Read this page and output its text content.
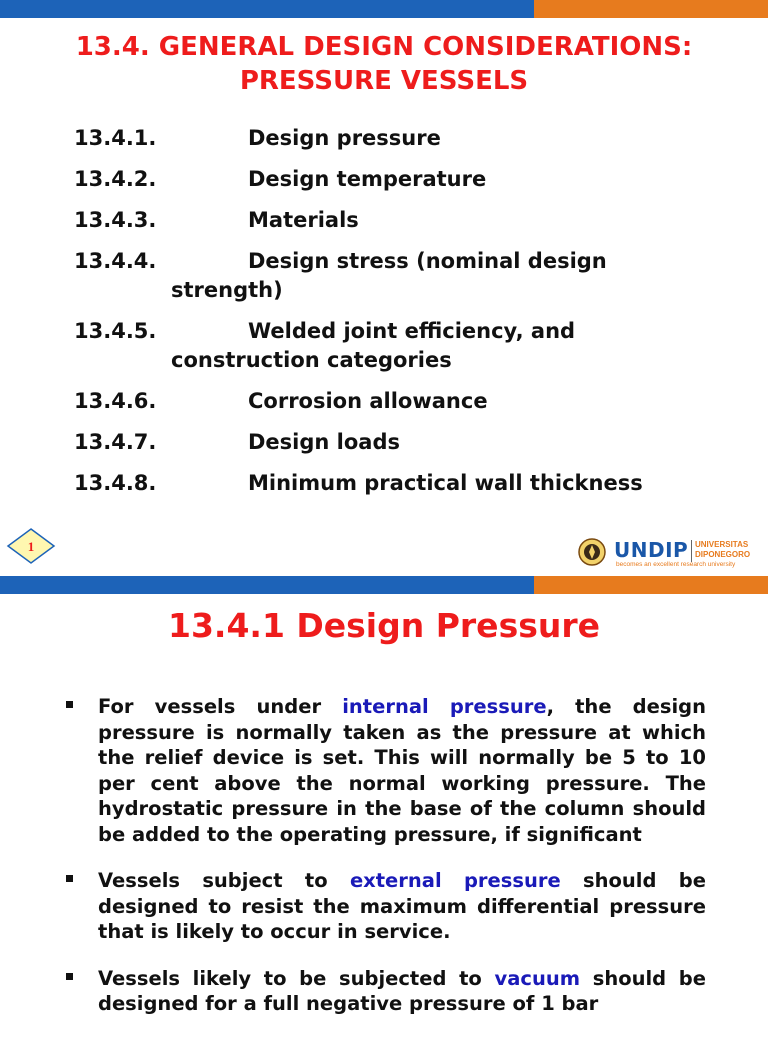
13.4. GENERAL DESIGN CONSIDERATIONS:
PRESSURE VESSELS
13.4.1.	Design pressure
13.4.2.	Design temperature
13.4.3.	Materials
13.4.4.	Design stress (nominal design
strength)
13.4.5.	Welded joint efficiency, and
construction categories
13.4.6.	Corrosion allowance
13.4.7.	Design loads
13.4.8.	Minimum practical wall thickness
1	UNDIP UNIVERSITAS
DIPONEGORO
becomes an excellent research university
13.4.1 Design Pressure
For vessels under internal pressure, the design pressure is normally taken as the pressure at which the relief device is set. This will normally be 5 to 10 per cent above the normal working pressure. The hydrostatic pressure in the base of the column should be added to the operating pressure, if significant
Vessels subject to external pressure should be designed to resist the maximum differential pressure that is likely to occur in service.
Vessels likely to be subjected to vacuum should be designed for a full negative pressure of 1 bar
